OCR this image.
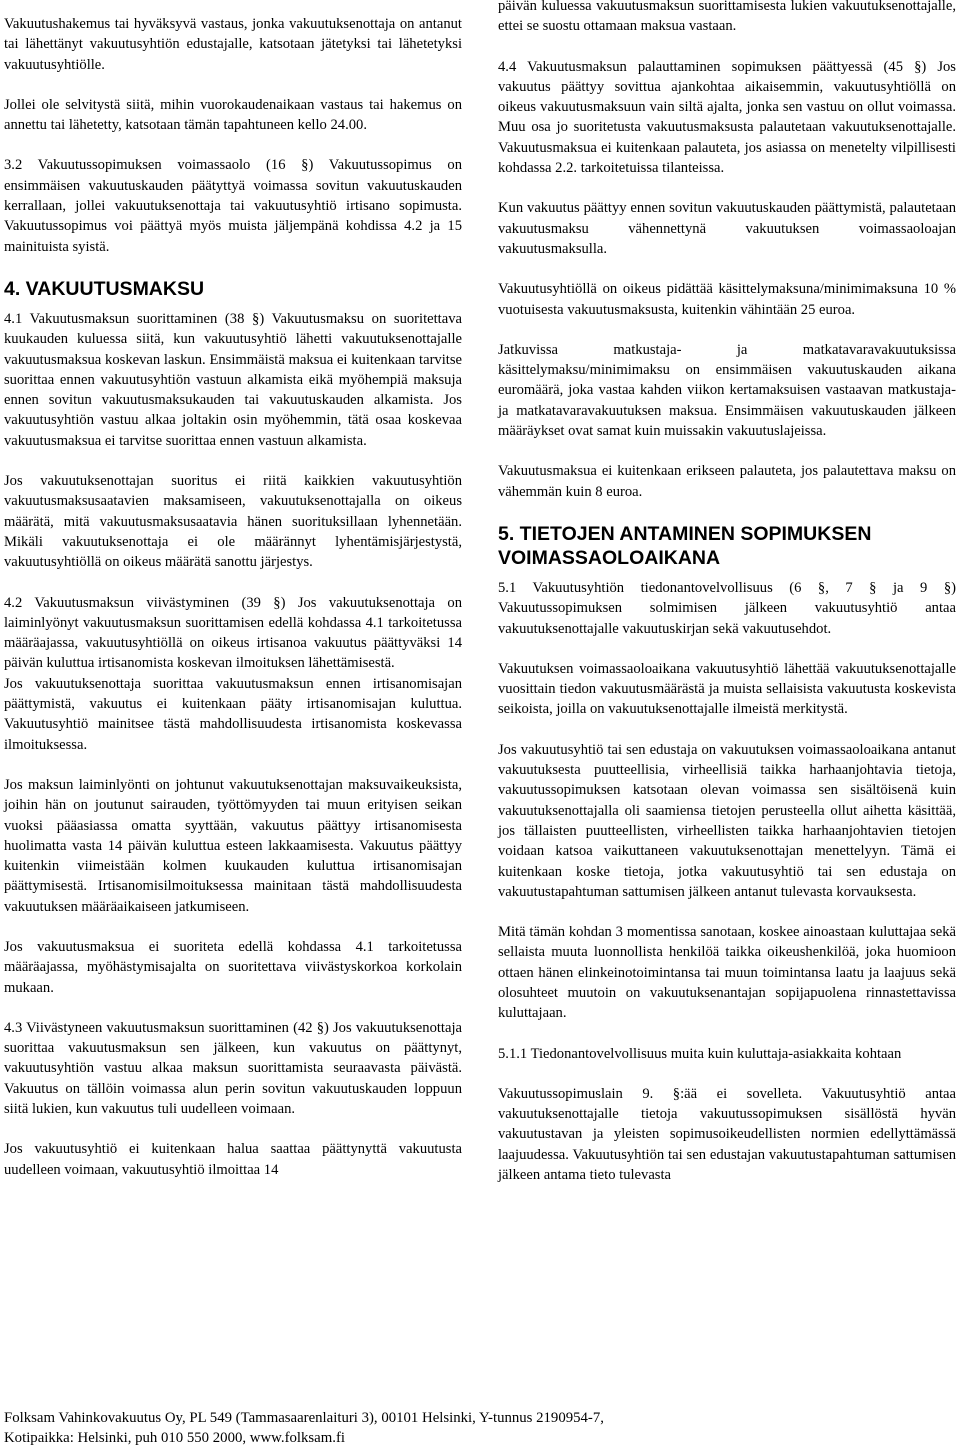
Vakuutushakemus tai hyväksyvä vastaus, jonka vakuutuksenottaja on antanut tai lähettänyt vakuutusyhtiön edustajalle, katsotaan jätetyksi tai lähetetyksi vakuutusyhtiölle.

Jollei ole selvitystä siitä, mihin vuorokaudenaikaan vastaus tai hakemus on annettu tai lähetetty, katsotaan tämän tapahtuneen kello 24.00.

3.2 Vakuutussopimuksen voimassaolo (16 §) Vakuutussopimus on ensimmäisen vakuutuskauden päätyttyä voimassa sovitun vakuutuskauden kerrallaan, jollei vakuutuksenottaja tai vakuutusyhtiö irtisano sopimusta. Vakuutussopimus voi päättyä myös muista jäljempänä kohdissa 4.2 ja 15 mainituista syistä.

4. VAKUUTUSMAKSU

4.1 Vakuutusmaksun suorittaminen (38 §) Vakuutusmaksu on suoritettava kuukauden kuluessa siitä, kun vakuutusyhtiö lähetti vakuutuksenottajalle vakuutusmaksua koskevan laskun. Ensimmäistä maksua ei kuitenkaan tarvitse suorittaa ennen vakuutusyhtiön vastuun alkamista eikä myöhempiä maksuja ennen sovitun vakuutusmaksukauden tai vakuutuskauden alkamista. Jos vakuutusyhtiön vastuu alkaa joltakin osin myöhemmin, tätä osaa koskevaa vakuutusmaksua ei tarvitse suorittaa ennen vastuun alkamista.

Jos vakuutuksenottajan suoritus ei riitä kaikkien vakuutusyhtiön vakuutusmaksusaatavien maksamiseen, vakuutuksenottajalla on oikeus määrätä, mitä vakuutusmaksusaatavia hänen suorituksillaan lyhennetään. Mikäli vakuutuksenottaja ei ole määrännyt lyhentämisjärjestystä, vakuutusyhtiöllä on oikeus määrätä sanottu järjestys.

4.2 Vakuutusmaksun viivästyminen (39 §) Jos vakuutuksenottaja on laiminlyönyt vakuutusmaksun suorittamisen edellä kohdassa 4.1 tarkoitetussa määräajassa, vakuutusyhtiöllä on oikeus irtisanoa vakuutus päättyväksi 14 päivän kuluttua irtisanomista koskevan ilmoituksen lähettämisestä.

Jos vakuutuksenottaja suorittaa vakuutusmaksun ennen irtisanomisajan päättymistä, vakuutus ei kuitenkaan pääty irtisanomisajan kuluttua. Vakuutusyhtiö mainitsee tästä mahdollisuudesta irtisanomista koskevassa ilmoituksessa.

Jos maksun laiminlyönti on johtunut vakuutuksenottajan maksuvaikeuksista, joihin hän on joutunut sairauden, työttömyyden tai muun erityisen seikan vuoksi pääasiassa omatta syyttään, vakuutus päättyy irtisanomisesta huolimatta vasta 14 päivän kuluttua esteen lakkaamisesta. Vakuutus päättyy kuitenkin viimeistään kolmen kuukauden kuluttua irtisanomisajan päättymisestä. Irtisanomisilmoituksessa mainitaan tästä mahdollisuudesta vakuutuksen määräaikaiseen jatkumiseen.

Jos vakuutusmaksua ei suoriteta edellä kohdassa 4.1 tarkoitetussa määräajassa, myöhästymisajalta on suoritettava viivästyskorkoa korkolain mukaan.

4.3 Viivästyneen vakuutusmaksun suorittaminen (42 §) Jos vakuutuksenottaja suorittaa vakuutusmaksun sen jälkeen, kun vakuutus on päättynyt, vakuutusyhtiön vastuu alkaa maksun suorittamista seuraavasta päivästä. Vakuutus on tällöin voimassa alun perin sovitun vakuutuskauden loppuun siitä lukien, kun vakuutus tuli uudelleen voimaan.

Jos vakuutusyhtiö ei kuitenkaan halua saattaa päättynyttä vakuutusta uudelleen voimaan, vakuutusyhtiö ilmoittaa 14

päivän kuluessa vakuutusmaksun suorittamisesta lukien vakuutuksenottajalle, ettei se suostu ottamaan maksua vastaan.

4.4 Vakuutusmaksun palauttaminen sopimuksen päättyessä (45 §) Jos vakuutus päättyy sovittua ajankohtaa aikaisemmin, vakuutusyhtiöllä on oikeus vakuutusmaksuun vain siltä ajalta, jonka sen vastuu on ollut voimassa. Muu osa jo suoritetusta vakuutusmaksusta palautetaan vakuutuksenottajalle. Vakuutusmaksua ei kuitenkaan palauteta, jos asiassa on menetelty vilpillisesti kohdassa 2.2. tarkoitetuissa tilanteissa.

Kun vakuutus päättyy ennen sovitun vakuutuskauden päättymistä, palautetaan vakuutusmaksu vähennettynä vakuutuksen voimassaoloajan vakuutusmaksulla.

Vakuutusyhtiöllä on oikeus pidättää käsittelymaksuna/minimimaksuna 10 % vuotuisesta vakuutusmaksusta, kuitenkin vähintään 25 euroa.

Jatkuvissa matkustaja- ja matkatavaravakuutuksissa käsittelymaksu/minimimaksu on ensimmäisen vakuutuskauden aikana euromäärä, joka vastaa kahden viikon kertamaksuisen vastaavan matkustaja- ja matkatavaravakuutuksen maksua. Ensimmäisen vakuutuskauden jälkeen määräykset ovat samat kuin muissakin vakuutuslajeissa.

Vakuutusmaksua ei kuitenkaan erikseen palauteta, jos palautettava maksu on vähemmän kuin 8 euroa.

5. TIETOJEN ANTAMINEN SOPIMUKSEN VOIMASSAOLOAIKANA

5.1 Vakuutusyhtiön tiedonantovelvollisuus (6 §, 7 § ja 9 §) Vakuutussopimuksen solmimisen jälkeen vakuutusyhtiö antaa vakuutuksenottajalle vakuutuskirjan sekä vakuutusehdot.

Vakuutuksen voimassaoloaikana vakuutusyhtiö lähettää vakuutuksenottajalle vuosittain tiedon vakuutusmäärästä ja muista sellaisista vakuutusta koskevista seikoista, joilla on vakuutuksenottajalle ilmeistä merkitystä.

Jos vakuutusyhtiö tai sen edustaja on vakuutuksen voimassaoloaikana antanut vakuutuksesta puutteellisia, virheellisiä taikka harhaanjohtavia tietoja, vakuutussopimuksen katsotaan olevan voimassa sen sisältöisenä kuin vakuutuksenottajalla oli saamiensa tietojen perusteella ollut aihetta käsittää, jos tällaisten puutteellisten, virheellisten taikka harhaanjohtavien tietojen voidaan katsoa vaikuttaneen vakuutuksenottajan menettelyyn. Tämä ei kuitenkaan koske tietoja, jotka vakuutusyhtiö tai sen edustaja on vakuutustapahtuman sattumisen jälkeen antanut tulevasta korvauksesta.

Mitä tämän kohdan 3 momentissa sanotaan, koskee ainoastaan kuluttajaa sekä sellaista muuta luonnollista henkilöä taikka oikeushenkilöä, joka huomioon ottaen hänen elinkeinotoimintansa tai muun toimintansa laatu ja laajuus sekä olosuhteet muutoin on vakuutuksenantajan sopijapuolena rinnastettavissa kuluttajaan.

5.1.1 Tiedonantovelvollisuus muita kuin kuluttaja-asiakkaita kohtaan

Vakuutussopimuslain 9. §:ää ei sovelleta. Vakuutusyhtiö antaa vakuutuksenottajalle tietoja vakuutussopimuksen sisällöstä hyvän vakuutustavan ja yleisten sopimusoikeudellisten normien edellyttämässä laajuudessa. Vakuutusyhtiön tai sen edustajan vakuutustapahtuman sattumisen jälkeen antama tieto tulevasta

Folksam Vahinkovakuutus Oy, PL 549 (Tammasaarenlaituri 3), 00101 Helsinki, Y-tunnus 2190954-7,
Kotipaikka: Helsinki, puh 010 550 2000, www.folksam.fi
